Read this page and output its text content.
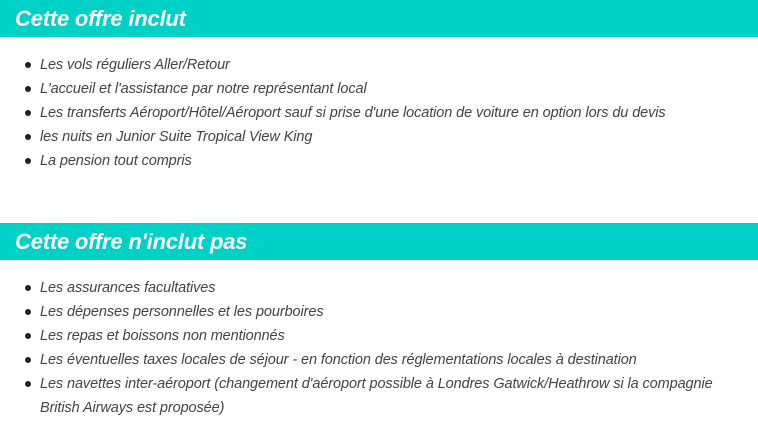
Cette offre inclut
Les vols réguliers Aller/Retour
L'accueil et l'assistance par notre représentant local
Les transferts Aéroport/Hôtel/Aéroport sauf si prise d'une location de voiture en option lors du devis
les nuits en Junior Suite Tropical View King
La pension tout compris
Cette offre n'inclut pas
Les assurances facultatives
Les dépenses personnelles et les pourboires
Les repas et boissons non mentionnés
Les éventuelles taxes locales de séjour - en fonction des réglementations locales à destination
Les navettes inter-aéroport (changement d'aéroport possible à Londres Gatwick/Heathrow si la compagnie British Airways est proposée)
